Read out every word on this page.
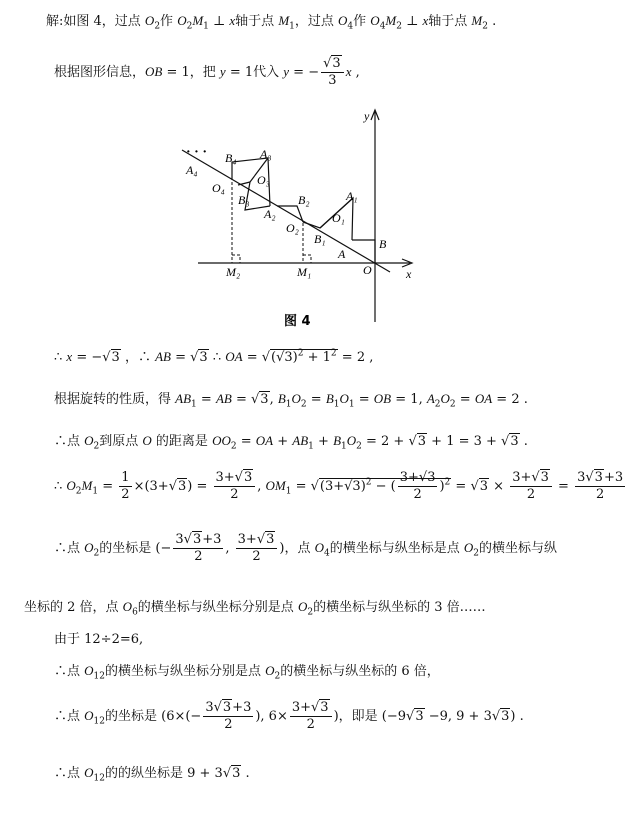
解:如图 4，过点 $O_2$作 $O_2M_1$ ⊥ x轴于点 $M_1$，过点 $O_4$作 $O_4M_2$ ⊥ x轴于点 $M_2$ .
根据图形信息，OB = 1，把 y = 1代入 y = − $\frac{√3}{3}$ x ,
y
x
O
B
A
A₁
B₁
O₁
B₂
O₂
A₂
B₃
A₃
O₃
B₄
A₄
O₄
M₁
M₂
· · ·
图 4
∴ x = −√3 ，∴ AB = √3 ∴ OA = $√(√3)^2 + 1^2 = 2$ ,
根据旋转的性质，得 $AB_1$ = AB = √3, $B_1O_2 = B_1O_1$ = OB = 1, $A_2O_2$ = OA = 2 .
∴点 $O_2$到原点 O 的距离是 $OO_2$ = OA + $AB_1 + B_1O_2 = 2 + √3 + 1 = 3 + √3$ .
∴ $O_2M_1 = \frac{1}{2} \times(3+√3) = \frac{3+√3}{2}$ , $OM_1 = √(3+√3)^2$ − ( $\frac{3+√3}{2} )^2 = √3 \times \frac{3+√3}{2} = \frac{3√3+3}{2}$
∴点 $O_2$的坐标是 (− $\frac{3√3+3}{2}$ , $\frac{3+√3}{2}$ )，点 $O_4$的横坐标与纵坐标是点 $O_2$的横坐标与纵
坐标的 2 倍，点 $O_6$的横坐标与纵坐标分别是点 $O_2$的横坐标与纵坐标的 3 倍……
由于 12÷2=6,
∴点 $O_{12}$的横坐标与纵坐标分别是点 $O_2$的横坐标与纵坐标的 6 倍，
∴点 $O_{12}$的坐标是 ($6\times(- \frac{3√3+3}{2}$ ), $6\times \frac{3+√3}{2}$ )，即是 (−9√3 −9, 9 + 3√3) .
∴点 $O_{12}$的的纵坐标是 9 + 3√3 .
